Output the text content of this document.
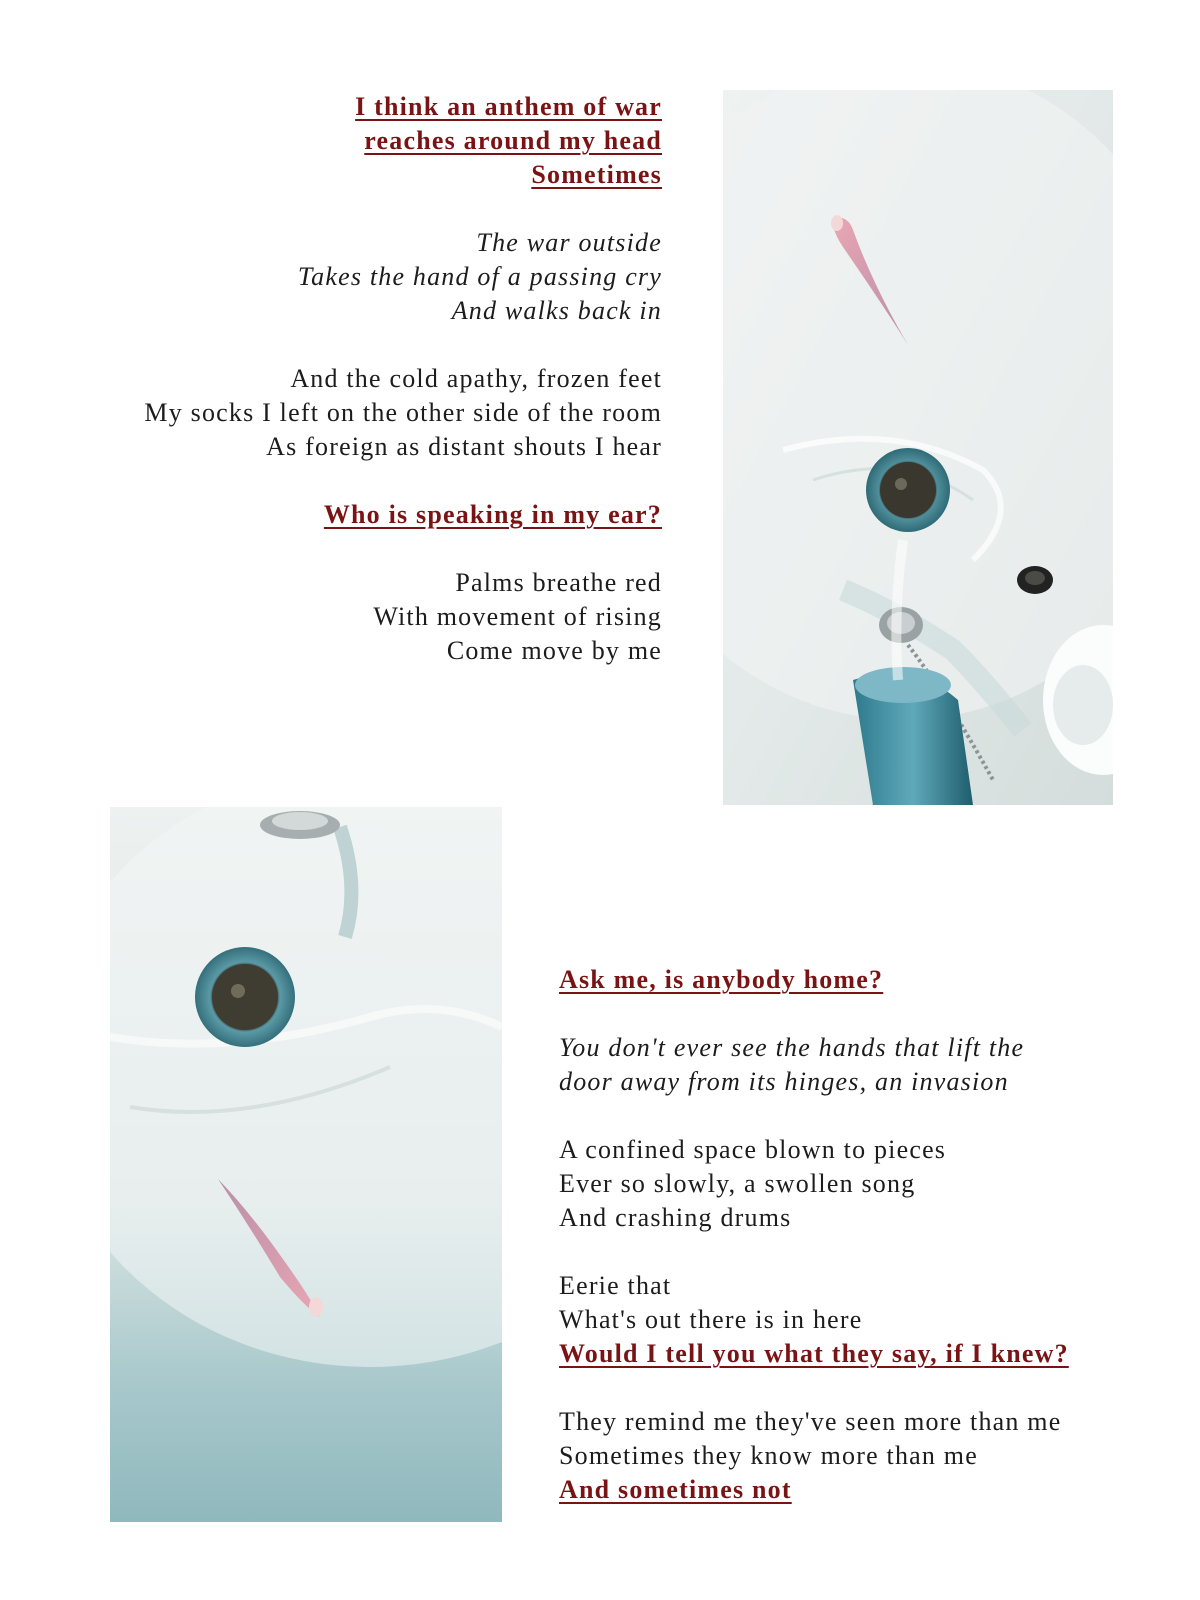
I think an anthem of war

reaches around my head

Sometimes

The war outside

Takes the hand of a passing cry

And walks back in

And the cold apathy, frozen feet

My socks I left on the other side of the room

As foreign as distant shouts I hear

Who is speaking in my ear?

Palms breathe red

With movement of rising

Come move by me

Ask me, is anybody home?

You don't ever see the hands that lift the

door away from its hinges, an invasion

A confined space blown to pieces

Ever so slowly, a swollen song

And crashing drums

Eerie that

What's out there is in here

Would I tell you what they say, if I knew?

They remind me they've seen more than me

Sometimes they know more than me

And sometimes not
